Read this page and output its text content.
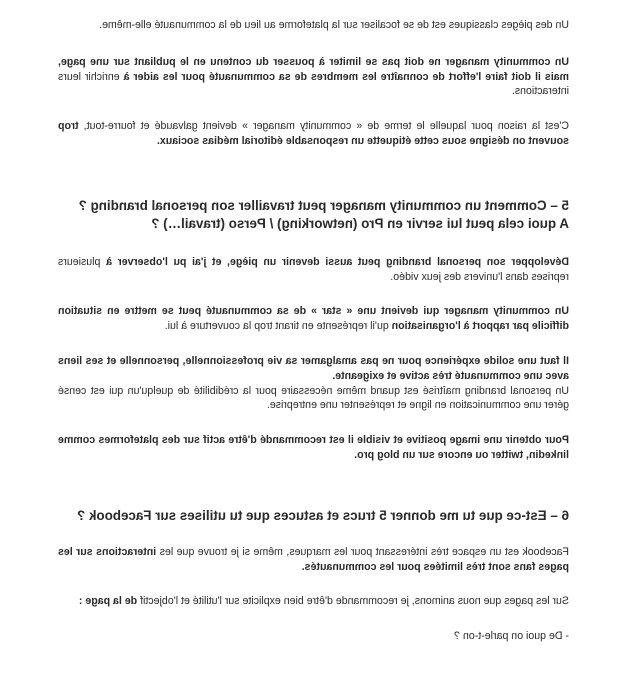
Un des pièges classiques est de se focaliser sur la plateforme au lieu de la communauté elle-même.

Un community manager ne doit pas se limiter à pousser du contenu en le publiant sur une page, mais il doit faire l'effort de connaître les membres de sa communauté pour les aider à enrichir leurs interactions.

C'est la raison pour laquelle le terme de « community manager » devient galvaudé et fourre-tout, trop souvent on désigne sous cette étiquette un responsable éditorial médias sociaux.

5 – Comment un community manager peut travailler son personal branding ?
A quoi cela peut lui servir en Pro (networking) / Perso (travail…) ?

Développer son personal branding peut aussi devenir un piège, et j'ai pu l'observer à plusieurs reprises dans l'univers des jeux vidéo.

Un community manager qui devient une « star » de sa communauté peut se mettre en situation difficile par rapport à l'organisation qu'il représente en tirant trop la couverture à lui.

Il faut une solide expérience pour ne pas amalgamer sa vie professionnelle, personnelle et ses liens avec une communauté très active et exigeante.
Un personal branding maîtrisé est quand même nécessaire pour la crédibilité de quelqu'un qui est censé gérer une communication en ligne et représenter une entreprise.

Pour obtenir une image positive et visible il est recommandé d'être actif sur des plateformes comme linkedin, twitter ou encore sur un blog pro.

6 – Est-ce que tu me donner 5 trucs et astuces que tu utilises sur Facebook ?

Facebook est un espace très intéressant pour les marques, même si je trouve que les interactions sur les pages fans sont très limitées pour les communautés.

Sur les pages que nous animons, je recommande d'être bien explicite sur l'utilité et l'objectif de la page :

- De quoi on parle-t-on ?
